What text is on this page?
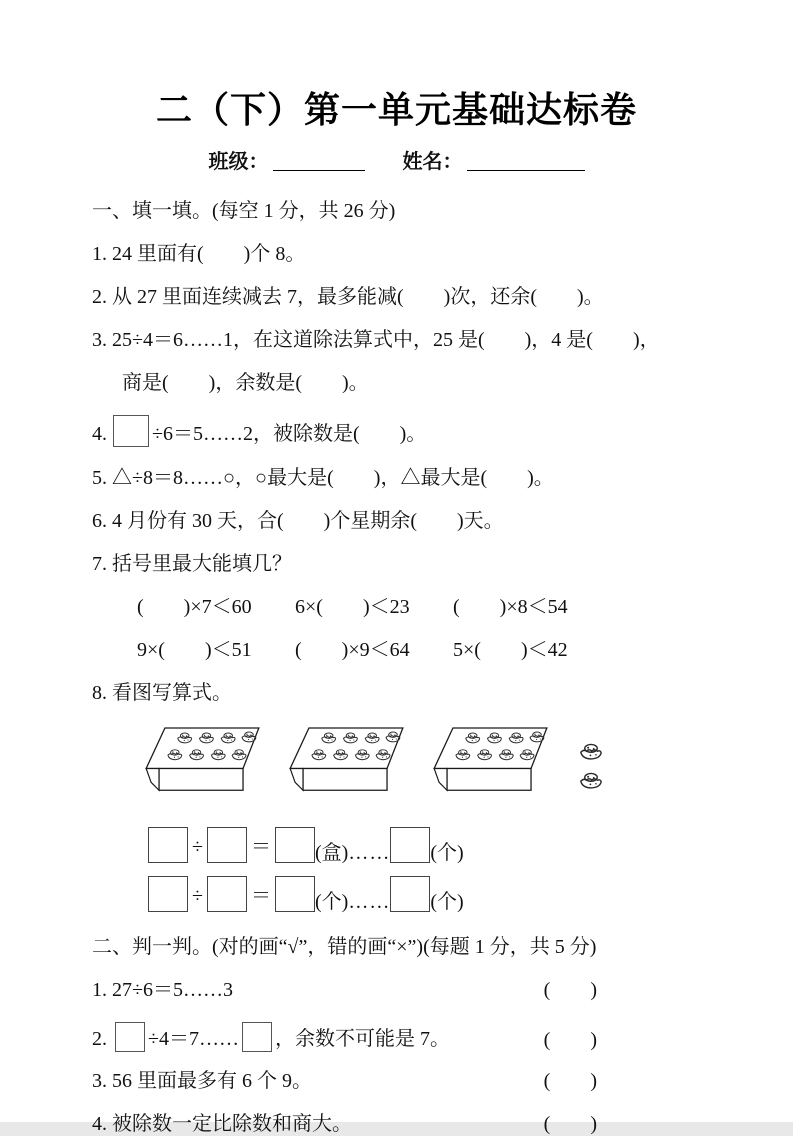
二（下）第一单元基础达标卷
班级：	姓名：
一、填一填。(每空 1 分，共 26 分)

1. 24 里面有(　　)个 8。

2. 从 27 里面连续减去 7，最多能减(　　)次，还余(　　)。

3. 25÷4＝6……1，在这道除法算式中，25 是(　　)，4 是(　　)，

商是(　　)，余数是(　　)。

4. ÷6＝5……2，被除数是(　　)。

5. △÷8＝8……○，○最大是(　　)，△最大是(　　)。

6. 4 月份有 30 天，合(　　)个星期余(　　)天。

7. 括号里最大能填几？

(　　)×7＜60	6×(　　)＜23	(　　)×8＜54
9×(　　)＜51	(　　)×9＜64	5×(　　)＜42

8. 看图写算式。

÷ ＝ (盒) …… (个)
÷ ＝ (个) …… (个)
二、判一判。(对的画“√”，错的画“×”)(每题 1 分，共 5 分)
1. 27÷6＝5……3	(　　)
2. ÷4＝7…… ，余数不可能是 7。	(　　)
3. 56 里面最多有 6 个 9。	(　　)
4. 被除数一定比除数和商大。	(　　)
